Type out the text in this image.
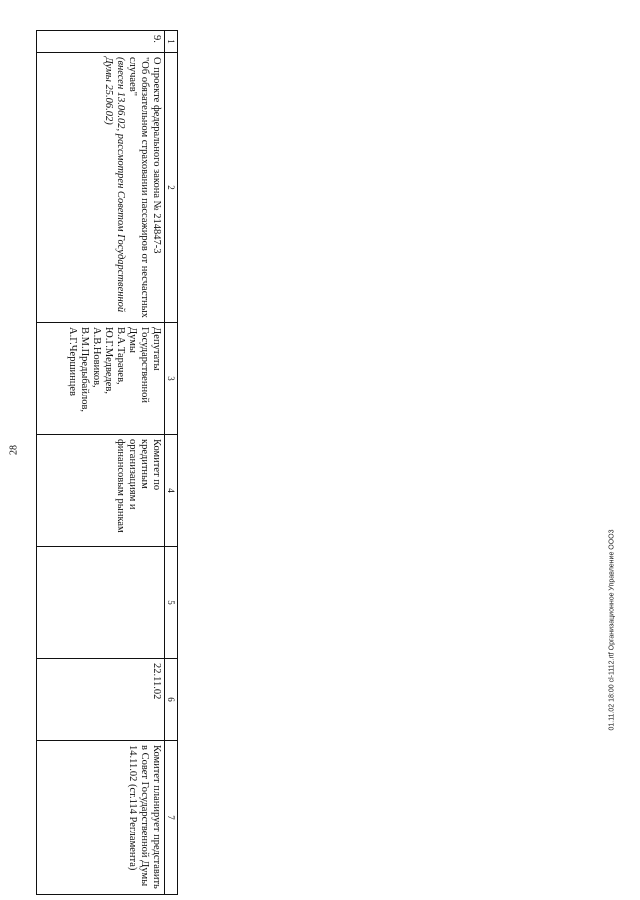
28
1	2	3	4	5	6	7
9.	О проекте федерального закона № 214847-3
"Об обязательном страховании пассажиров от несчастных случаев"
(внесен 13.06.02, рассмотрен Советом Государственной Думы 25.06.02)	Депутаты Государственной Думы
В.А.Тарачев, Ю.Г.Медведев, А.В.Новиков, В.М.Предыбайлов, А.Г.Чершинцев	Комитет по кредитным организациям и финансовым рынкам		22.11.02	Комитет планирует представить в Совет Государственной Думы 14.11.02 (ст.114 Регламента)
01.11.02 18:00 cl-1112.rtf Организационное Управление ООО3
